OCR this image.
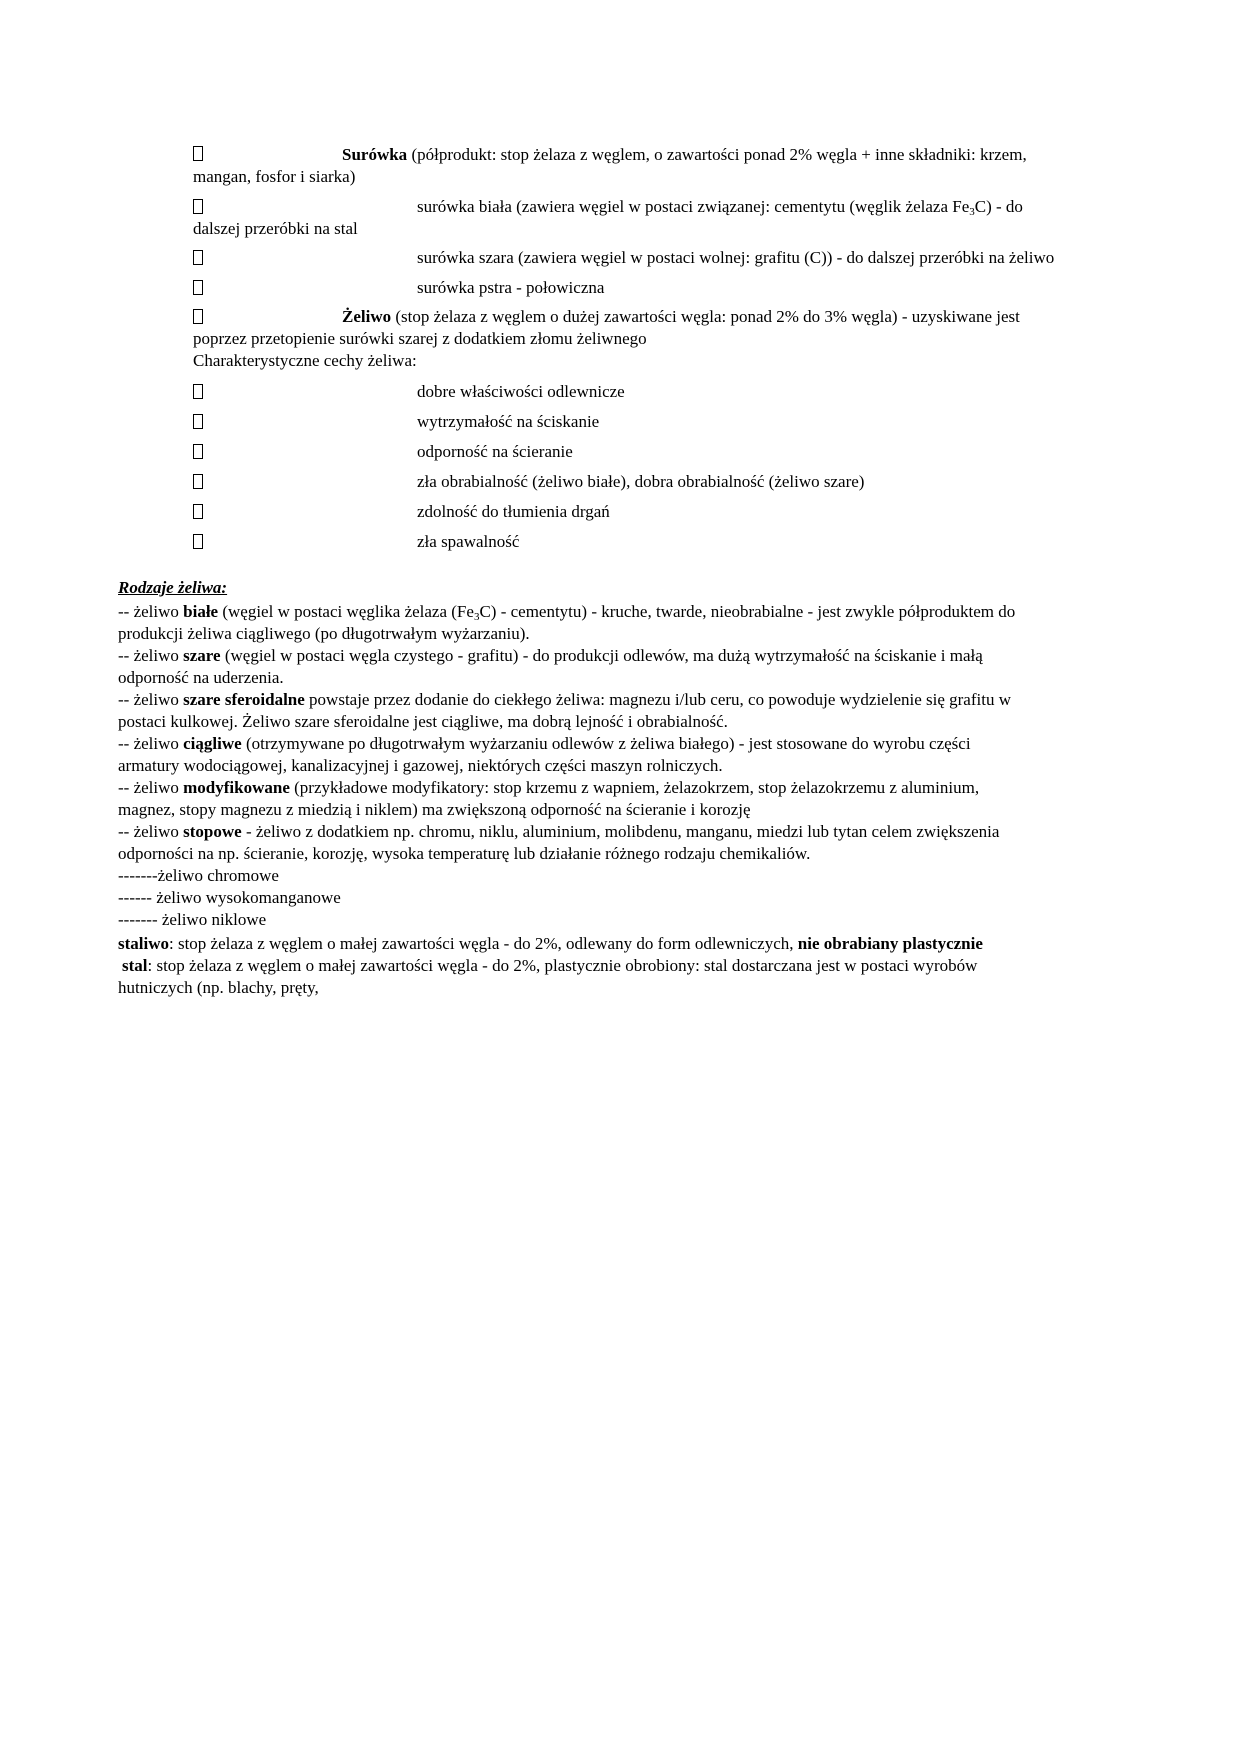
Surówka (półprodukt: stop żelaza z węglem, o zawartości ponad 2% węgla + inne składniki: krzem,
mangan, fosfor i siarka)
surówka biała (zawiera węgiel w postaci związanej: cementytu (węglik żelaza $Fe_3C$) - do
dalszej przeróbki na stal
surówka szara (zawiera węgiel w postaci wolnej: grafitu (C)) - do dalszej przeróbki na żeliwo
surówka pstra - połowiczna
Żeliwo (stop żelaza z węglem o dużej zawartości węgla: ponad 2% do 3% węgla) - uzyskiwane jest
poprzez przetopienie surówki szarej z dodatkiem złomu żeliwnego
Charakterystyczne cechy żeliwa:
dobre właściwości odlewnicze
wytrzymałość na ściskanie
odporność na ścieranie
zła obrabialność (żeliwo białe), dobra obrabialność (żeliwo szare)
zdolność do tłumienia drgań
zła spawalność
Rodzaje żeliwa:
-- żeliwo białe (węgiel w postaci węglika żelaza $(Fe_3C)$ - cementytu) - kruche, twarde, nieobrabialne - jest zwykle półproduktem do
produkcji żeliwa ciągliwego (po długotrwałym wyżarzaniu).
-- żeliwo szare (węgiel w postaci węgla czystego - grafitu) - do produkcji odlewów, ma dużą wytrzymałość na ściskanie i małą
odporność na uderzenia.
-- żeliwo szare sferoidalne powstaje przez dodanie do ciekłego żeliwa: magnezu i/lub ceru, co powoduje wydzielenie się grafitu w
postaci kulkowej. Żeliwo szare sferoidalne jest ciągliwe, ma dobrą lejność i obrabialność.
-- żeliwo ciągliwe (otrzymywane po długotrwałym wyżarzaniu odlewów z żeliwa białego) - jest stosowane do wyrobu części
armatury wodociągowej, kanalizacyjnej i gazowej, niektórych części maszyn rolniczych.
-- żeliwo modyfikowane (przykładowe modyfikatory: stop krzemu z wapniem, żelazokrzem, stop żelazokrzemu z aluminium,
magnez, stopy magnezu z miedzią i niklem) ma zwiększoną odporność na ścieranie i korozję
-- żeliwo stopowe - żeliwo z dodatkiem np. chromu, niklu, aluminium, molibdenu, manganu, miedzi lub tytan celem zwiększenia
odporności na np. ścieranie, korozję, wysoka temperaturę lub działanie różnego rodzaju chemikaliów.
-------żeliwo chromowe
------ żeliwo wysokomanganowe
------- żeliwo niklowe
staliwo: stop żelaza z węglem o małej zawartości węgla - do 2%, odlewany do form odlewniczych, nie obrabiany plastycznie
stal: stop żelaza z węglem o małej zawartości węgla - do 2%, plastycznie obrobiony: stal dostarczana jest w postaci wyrobów
hutniczych (np. blachy, pręty,
